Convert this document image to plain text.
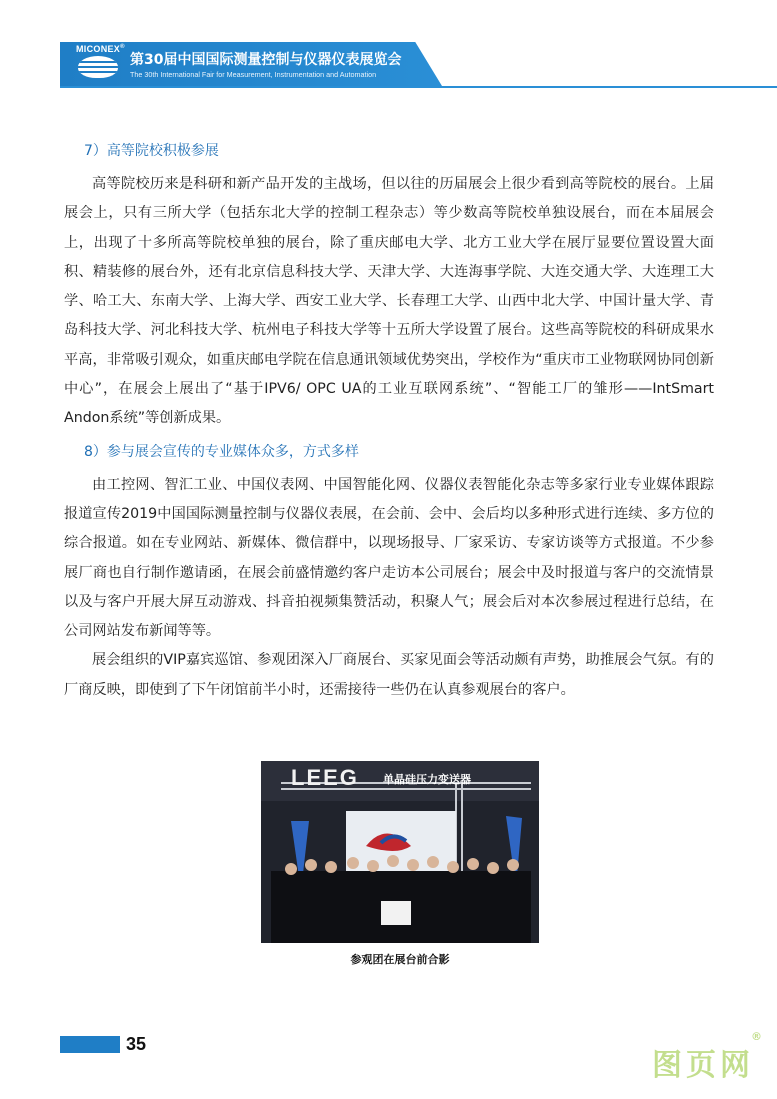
MICONEX®
第30届中国国际测量控制与仪器仪表展览会
The 30th International Fair for Measurement, Instrumentation and Automation
7）高等院校积极参展

高等院校历来是科研和新产品开发的主战场，但以往的历届展会上很少看到高等院校的展台。上届展会上，只有三所大学（包括东北大学的控制工程杂志）等少数高等院校单独设展台，而在本届展会上，出现了十多所高等院校单独的展台，除了重庆邮电大学、北方工业大学在展厅显要位置设置大面积、精装修的展台外，还有北京信息科技大学、天津大学、大连海事学院、大连交通大学、大连理工大学、哈工大、东南大学、上海大学、西安工业大学、长春理工大学、山西中北大学、中国计量大学、青岛科技大学、河北科技大学、杭州电子科技大学等十五所大学设置了展台。这些高等院校的科研成果水平高，非常吸引观众，如重庆邮电学院在信息通讯领域优势突出，学校作为“重庆市工业物联网协同创新中心”，在展会上展出了“基于IPV6/ OPC UA的工业互联网系统”、“智能工厂的雏形——IntSmart Andon系统”等创新成果。

8）参与展会宣传的专业媒体众多，方式多样

由工控网、智汇工业、中国仪表网、中国智能化网、仪器仪表智能化杂志等多家行业专业媒体跟踪报道宣传2019中国国际测量控制与仪器仪表展，在会前、会中、会后均以多种形式进行连续、多方位的综合报道。如在专业网站、新媒体、微信群中，以现场报导、厂家采访、专家访谈等方式报道。不少参展厂商也自行制作邀请函，在展会前盛情邀约客户走访本公司展台；展会中及时报道与客户的交流情景以及与客户开展大屏互动游戏、抖音拍视频集赞活动，积聚人气；展会后对本次参展过程进行总结，在公司网站发布新闻等等。

展会组织的VIP嘉宾巡馆、参观团深入厂商展台、买家见面会等活动颇有声势，助推展会气氛。有的厂商反映，即使到了下午闭馆前半小时，还需接待一些仍在认真参观展台的客户。

LEEG 单晶硅压力变送器
参观团在展台前合影
35
图页网
®
